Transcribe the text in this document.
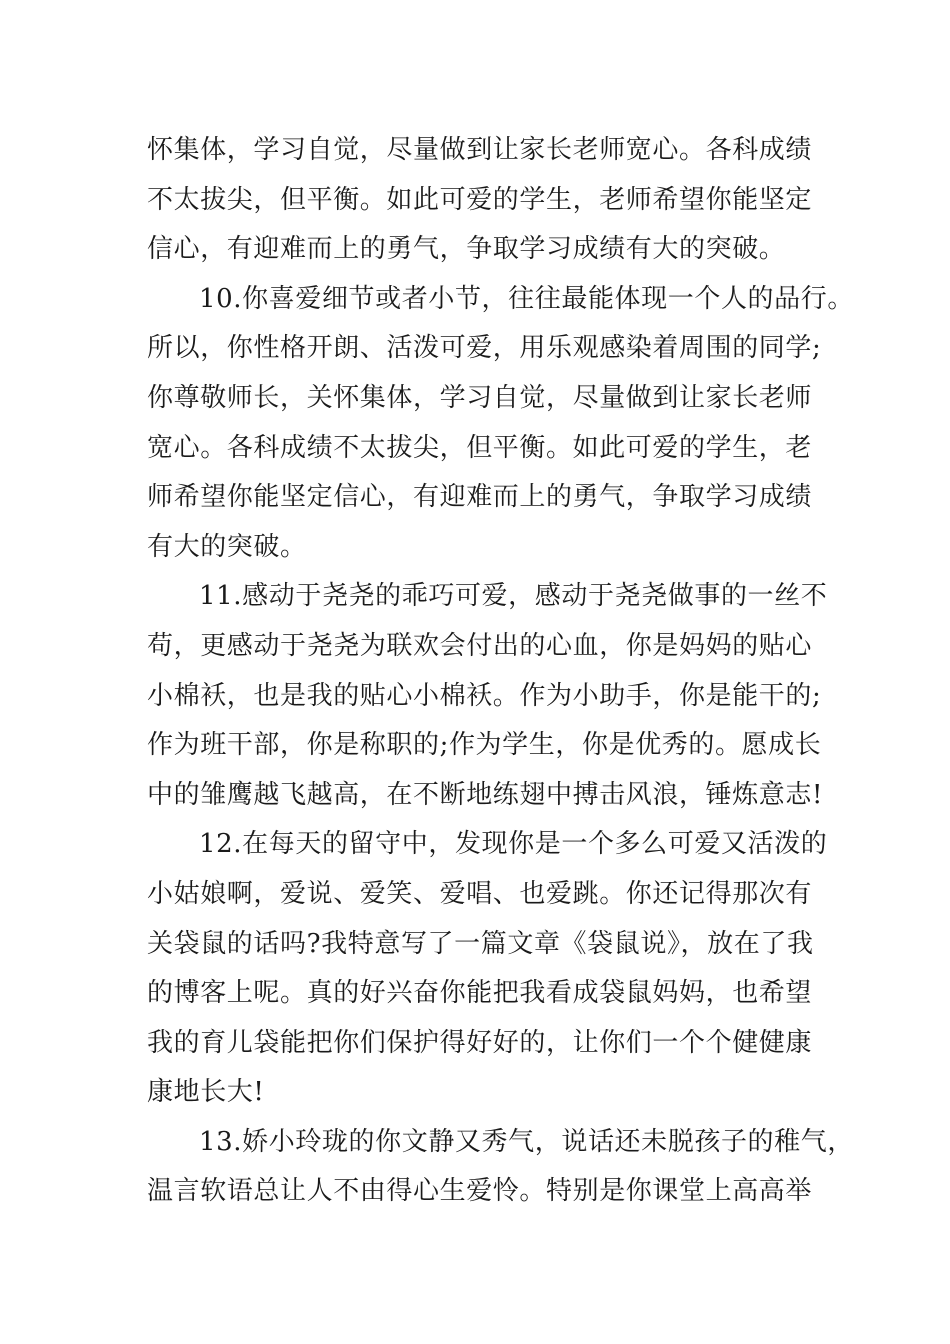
怀集体，学习自觉，尽量做到让家长老师宽心。各科成绩
不太拔尖，但平衡。如此可爱的学生，老师希望你能坚定
信心，有迎难而上的勇气，争取学习成绩有大的突破。
10.你喜爱细节或者小节，往往最能体现一个人的品行。
所以，你性格开朗、活泼可爱，用乐观感染着周围的同学;
你尊敬师长，关怀集体，学习自觉，尽量做到让家长老师
宽心。各科成绩不太拔尖，但平衡。如此可爱的学生，老
师希望你能坚定信心，有迎难而上的勇气，争取学习成绩
有大的突破。
11.感动于尧尧的乖巧可爱，感动于尧尧做事的一丝不
苟，更感动于尧尧为联欢会付出的心血，你是妈妈的贴心
小棉袄，也是我的贴心小棉袄。作为小助手，你是能干的;
作为班干部，你是称职的;作为学生，你是优秀的。愿成长
中的雏鹰越飞越高，在不断地练翅中搏击风浪，锤炼意志!
12.在每天的留守中，发现你是一个多么可爱又活泼的
小姑娘啊，爱说、爱笑、爱唱、也爱跳。你还记得那次有
关袋鼠的话吗?我特意写了一篇文章《袋鼠说》，放在了我
的博客上呢。真的好兴奋你能把我看成袋鼠妈妈，也希望
我的育儿袋能把你们保护得好好的，让你们一个个健健康
康地长大!
13.娇小玲珑的你文静又秀气，说话还未脱孩子的稚气，
温言软语总让人不由得心生爱怜。特别是你课堂上高高举
